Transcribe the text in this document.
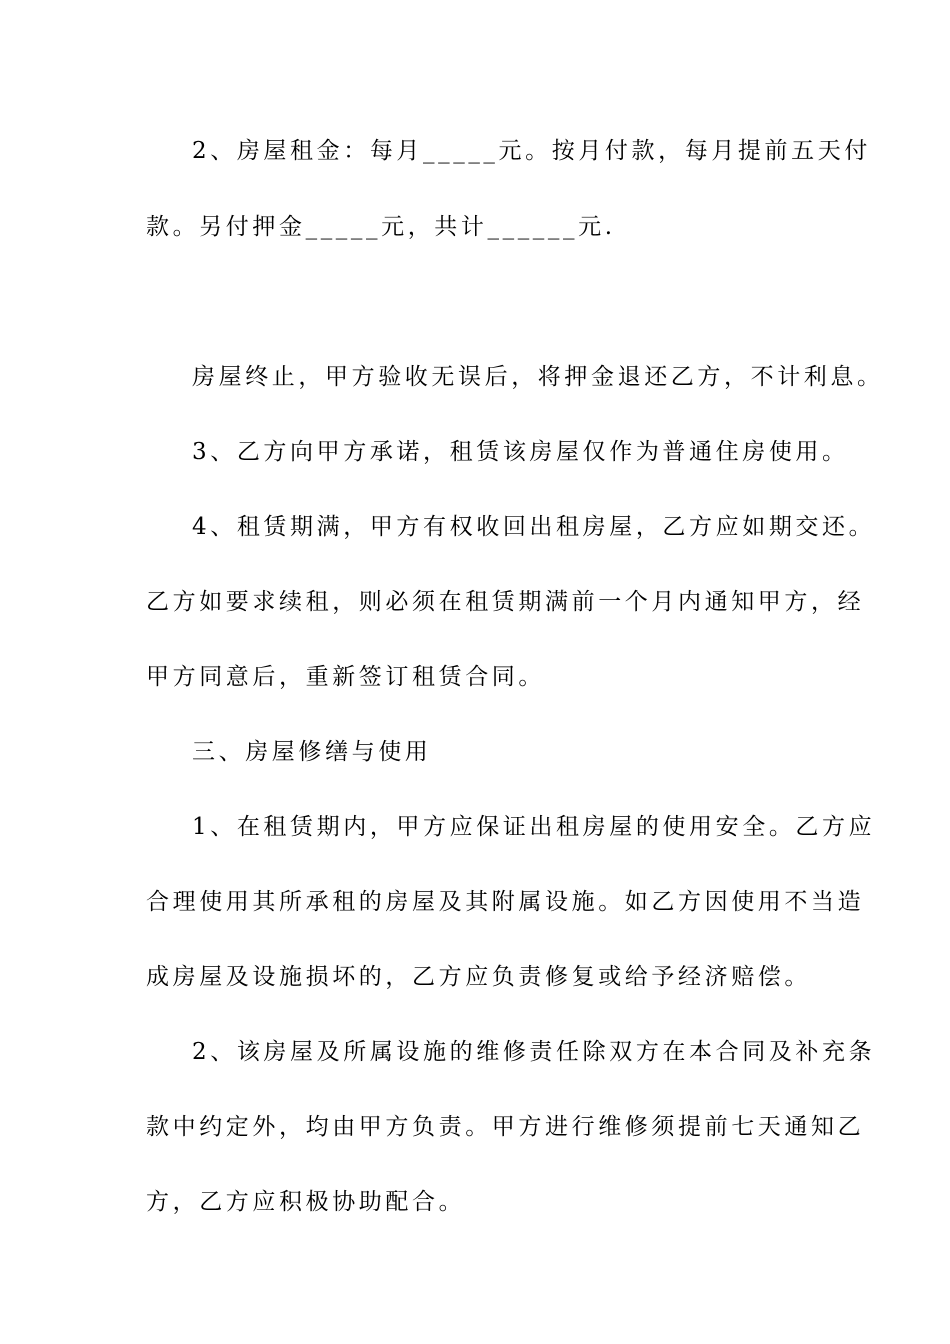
2、房屋租金：每月_____元。按月付款，每月提前五天付
款。另付押金_____元，共计______元.
房屋终止，甲方验收无误后，将押金退还乙方，不计利息。
3、乙方向甲方承诺，租赁该房屋仅作为普通住房使用。
4、租赁期满，甲方有权收回出租房屋，乙方应如期交还。
乙方如要求续租，则必须在租赁期满前一个月内通知甲方，经
甲方同意后，重新签订租赁合同。
三、房屋修缮与使用
1、在租赁期内，甲方应保证出租房屋的使用安全。乙方应
合理使用其所承租的房屋及其附属设施。如乙方因使用不当造
成房屋及设施损坏的，乙方应负责修复或给予经济赔偿。
2、该房屋及所属设施的维修责任除双方在本合同及补充条
款中约定外，均由甲方负责。甲方进行维修须提前七天通知乙
方，乙方应积极协助配合。
